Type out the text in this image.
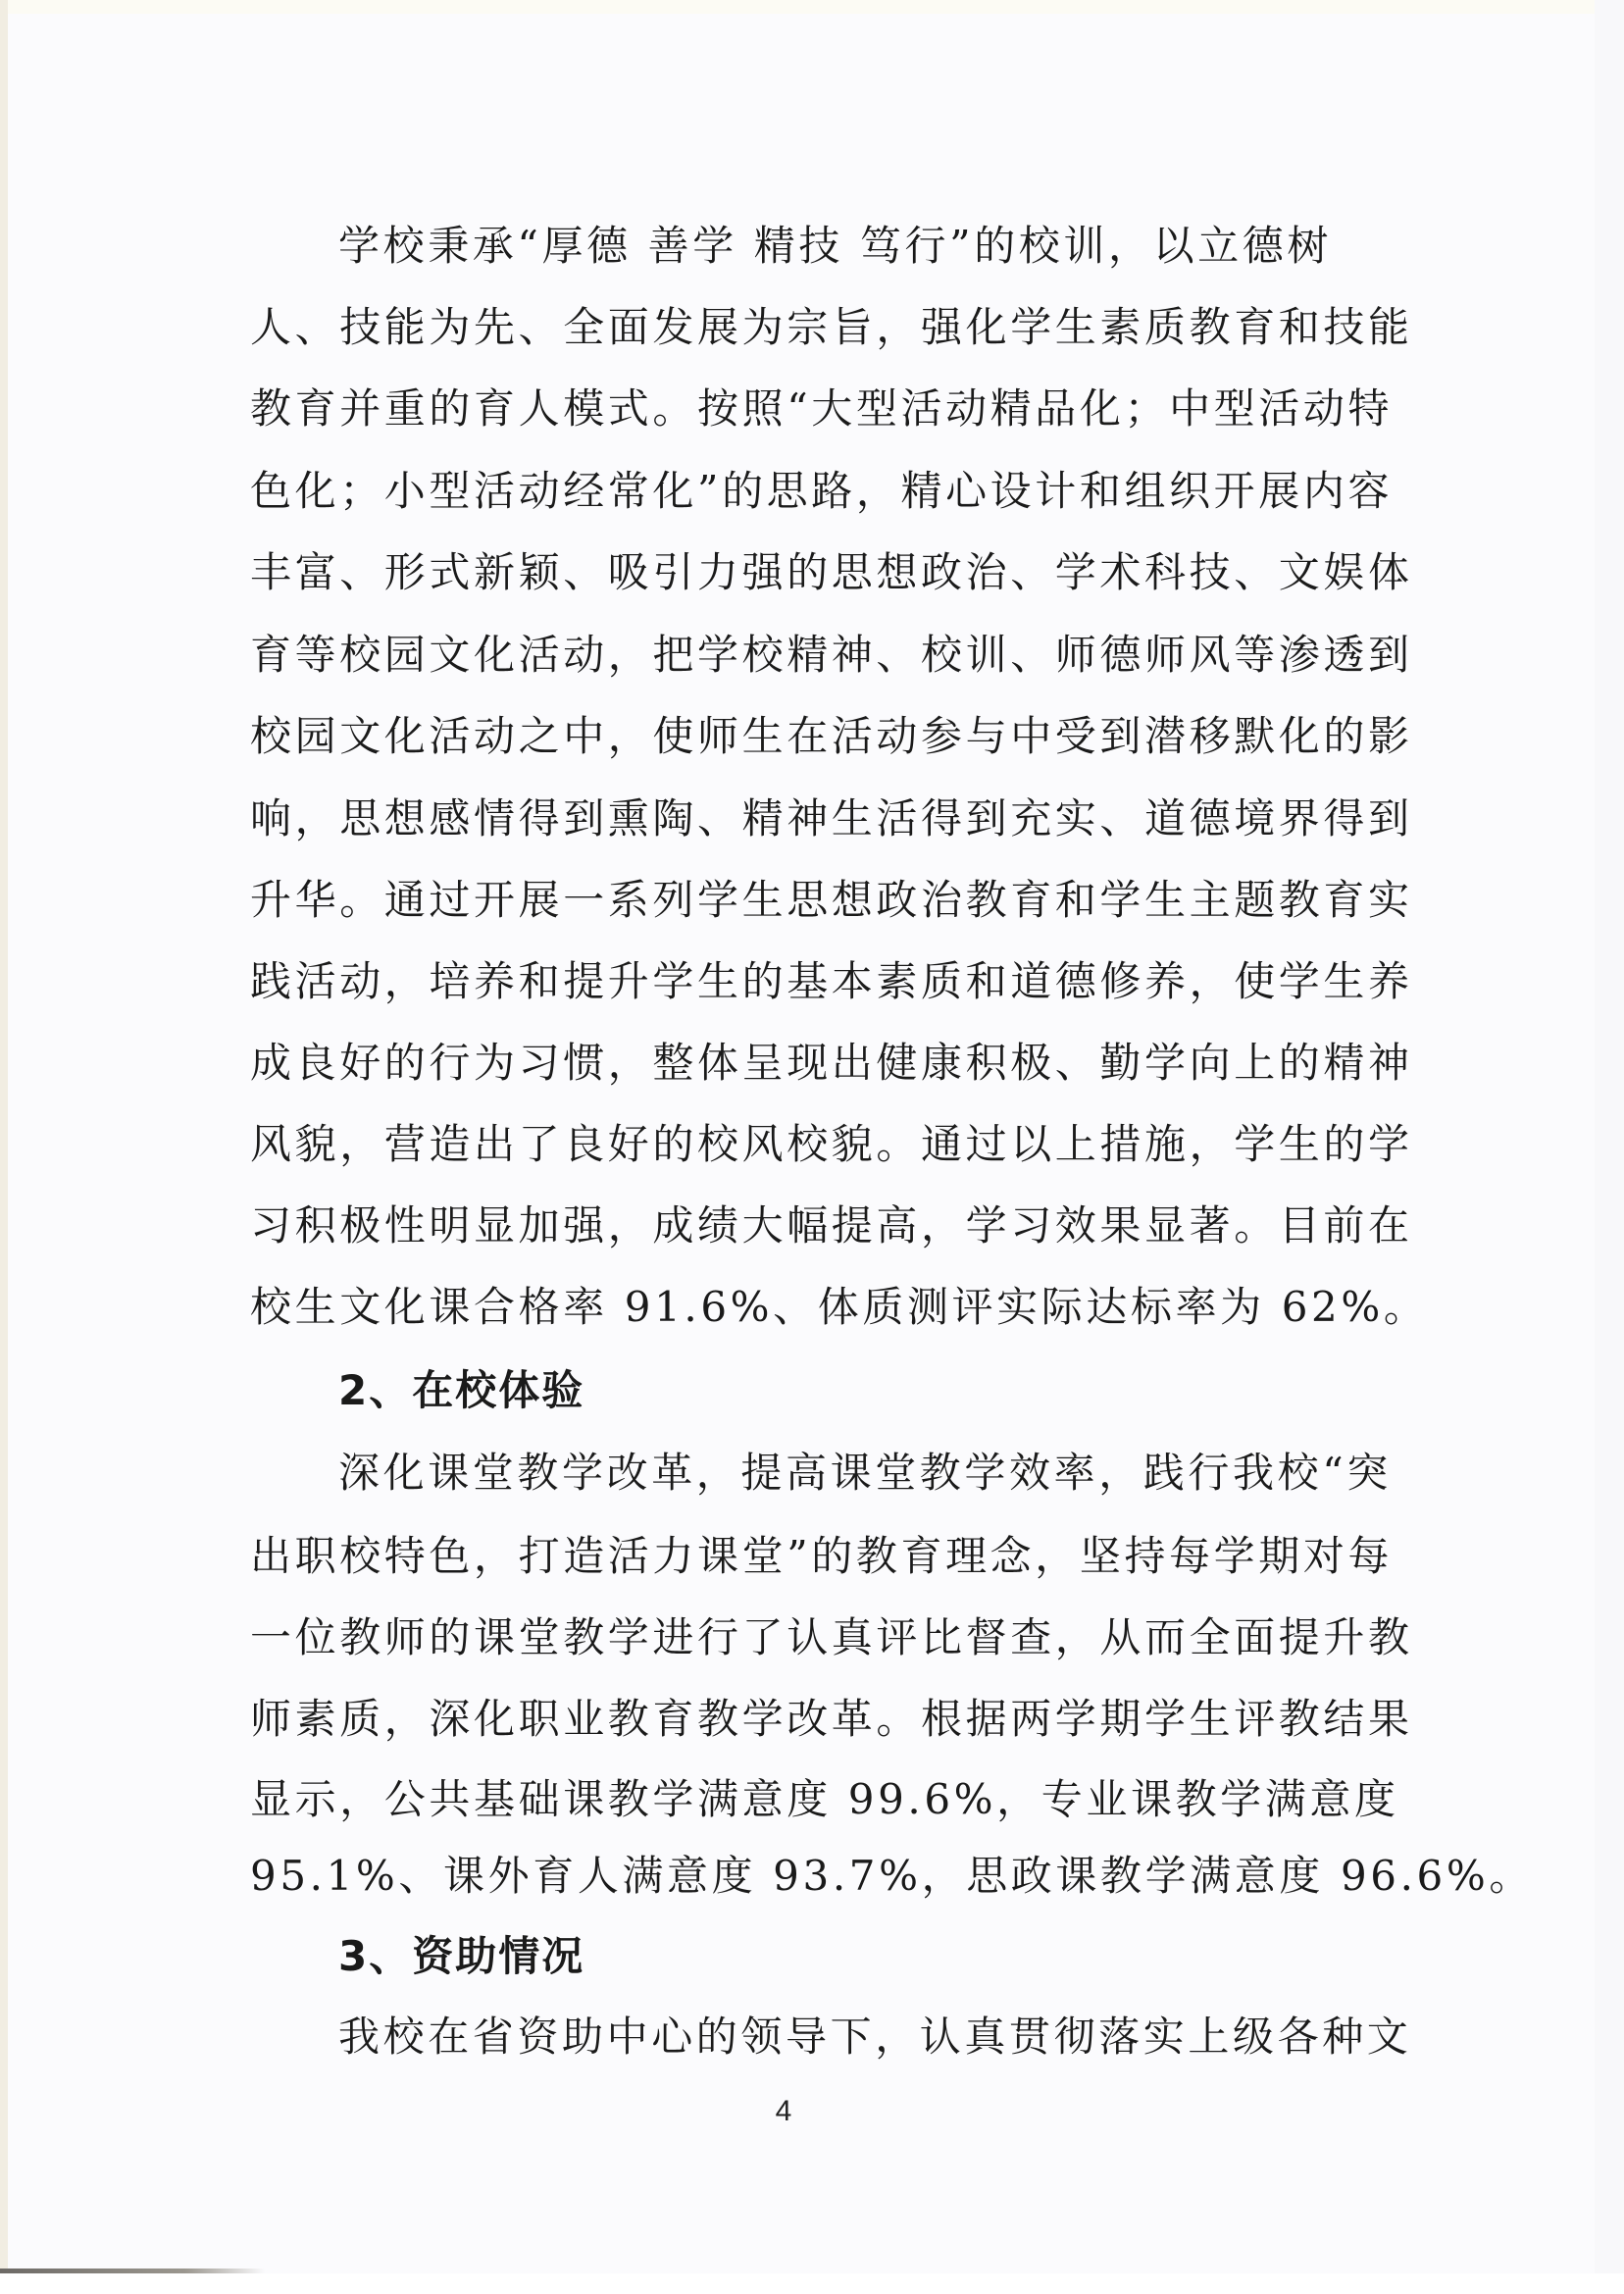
学校秉承“厚德 善学 精技 笃行”的校训，以立德树
人、技能为先、全面发展为宗旨，强化学生素质教育和技能
教育并重的育人模式。按照“大型活动精品化；中型活动特
色化；小型活动经常化”的思路，精心设计和组织开展内容
丰富、形式新颖、吸引力强的思想政治、学术科技、文娱体
育等校园文化活动，把学校精神、校训、师德师风等渗透到
校园文化活动之中，使师生在活动参与中受到潜移默化的影
响，思想感情得到熏陶、精神生活得到充实、道德境界得到
升华。通过开展一系列学生思想政治教育和学生主题教育实
践活动，培养和提升学生的基本素质和道德修养，使学生养
成良好的行为习惯，整体呈现出健康积极、勤学向上的精神
风貌，营造出了良好的校风校貌。通过以上措施，学生的学
习积极性明显加强，成绩大幅提高，学习效果显著。目前在
校生文化课合格率 91.6%、体质测评实际达标率为 62%。
2、在校体验
深化课堂教学改革，提高课堂教学效率，践行我校“突
出职校特色，打造活力课堂”的教育理念，坚持每学期对每
一位教师的课堂教学进行了认真评比督查，从而全面提升教
师素质，深化职业教育教学改革。根据两学期学生评教结果
显示，公共基础课教学满意度 99.6%，专业课教学满意度
95.1%、课外育人满意度 93.7%，思政课教学满意度 96.6%。
3、资助情况
我校在省资助中心的领导下，认真贯彻落实上级各种文
4
